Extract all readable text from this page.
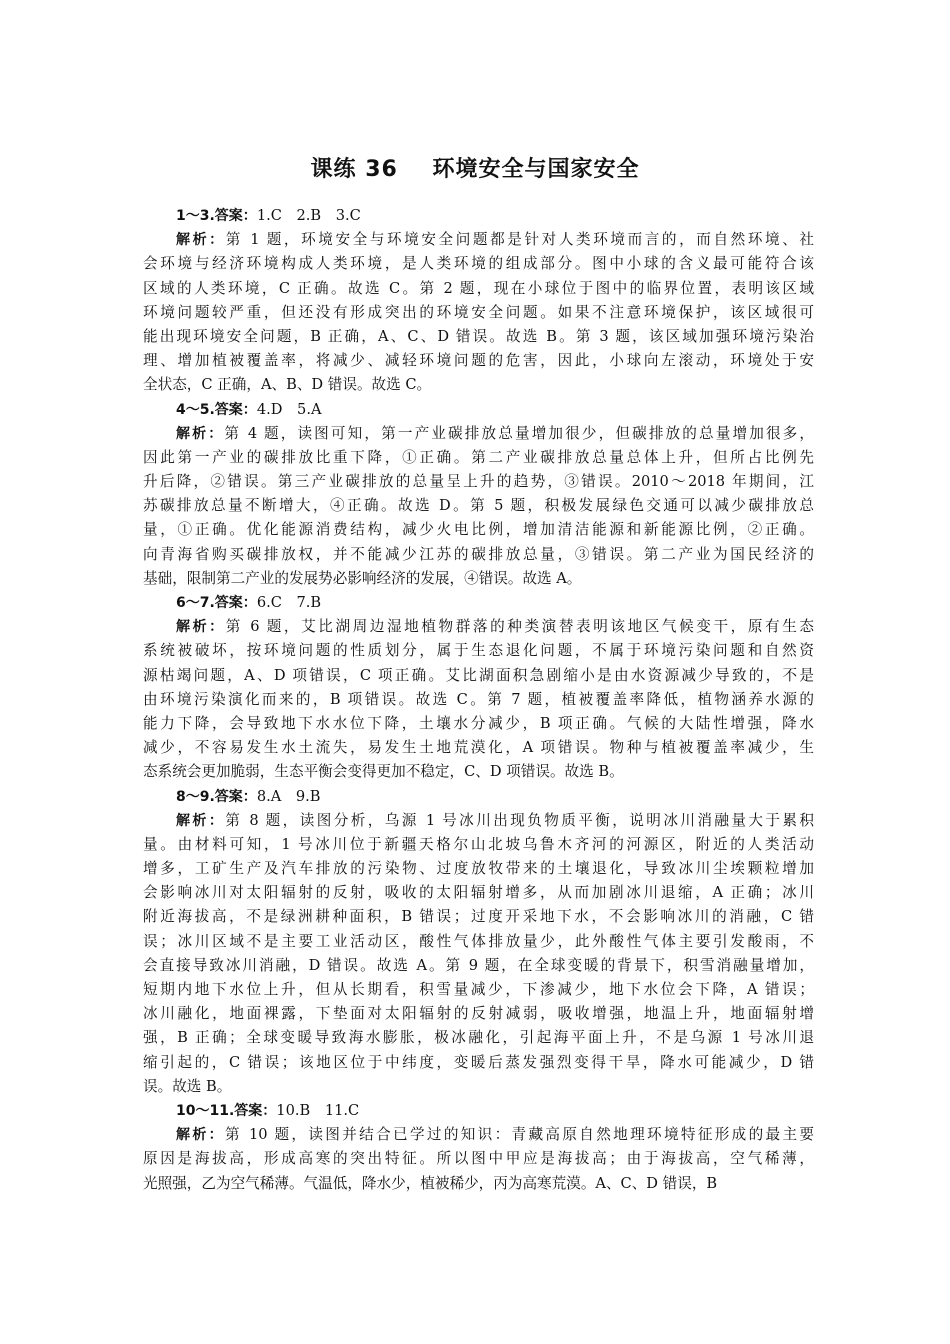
课练 36    环境安全与国家安全
1～3.答案：1.C　2.B　3.C
解析：第 1 题，环境安全与环境安全问题都是针对人类环境而言的，而自然环境、社
会环境与经济环境构成人类环境，是人类环境的组成部分。图中小球的含义最可能符合该
区域的人类环境，C 正确。故选 C。第 2 题，现在小球位于图中的临界位置，表明该区域
环境问题较严重，但还没有形成突出的环境安全问题。如果不注意环境保护，该区域很可
能出现环境安全问题，B 正确，A、C、D 错误。故选 B。第 3 题，该区域加强环境污染治
理、增加植被覆盖率，将减少、减轻环境问题的危害，因此，小球向左滚动，环境处于安
全状态，C 正确，A、B、D 错误。故选 C。
4～5.答案：4.D　5.A
解析：第 4 题，读图可知，第一产业碳排放总量增加很少，但碳排放的总量增加很多，
因此第一产业的碳排放比重下降，①正确。第二产业碳排放总量总体上升，但所占比例先
升后降，②错误。第三产业碳排放的总量呈上升的趋势，③错误。2010～2018 年期间，江
苏碳排放总量不断增大，④正确。故选 D。第 5 题，积极发展绿色交通可以减少碳排放总
量，①正确。优化能源消费结构，减少火电比例，增加清洁能源和新能源比例，②正确。
向青海省购买碳排放权，并不能减少江苏的碳排放总量，③错误。第二产业为国民经济的
基础，限制第二产业的发展势必影响经济的发展，④错误。故选 A。
6～7.答案：6.C　7.B
解析：第 6 题，艾比湖周边湿地植物群落的种类演替表明该地区气候变干，原有生态
系统被破坏，按环境问题的性质划分，属于生态退化问题，不属于环境污染问题和自然资
源枯竭问题，A、D 项错误，C 项正确。艾比湖面积急剧缩小是由水资源减少导致的，不是
由环境污染演化而来的，B 项错误。故选 C。第 7 题，植被覆盖率降低，植物涵养水源的
能力下降，会导致地下水水位下降，土壤水分减少，B 项正确。气候的大陆性增强，降水
减少，不容易发生水土流失，易发生土地荒漠化，A 项错误。物种与植被覆盖率减少，生
态系统会更加脆弱，生态平衡会变得更加不稳定，C、D 项错误。故选 B。
8～9.答案：8.A　9.B
解析：第 8 题，读图分析，乌源 1 号冰川出现负物质平衡，说明冰川消融量大于累积
量。由材料可知，1 号冰川位于新疆天格尔山北坡乌鲁木齐河的河源区，附近的人类活动
增多，工矿生产及汽车排放的污染物、过度放牧带来的土壤退化，导致冰川尘埃颗粒增加
会影响冰川对太阳辐射的反射，吸收的太阳辐射增多，从而加剧冰川退缩，A 正确；冰川
附近海拔高，不是绿洲耕种面积，B 错误；过度开采地下水，不会影响冰川的消融，C 错
误；冰川区域不是主要工业活动区，酸性气体排放量少，此外酸性气体主要引发酸雨，不
会直接导致冰川消融，D 错误。故选 A。第 9 题，在全球变暖的背景下，积雪消融量增加，
短期内地下水位上升，但从长期看，积雪量减少，下渗减少，地下水位会下降，A 错误；
冰川融化，地面裸露，下垫面对太阳辐射的反射减弱，吸收增强，地温上升，地面辐射增
强，B 正确；全球变暖导致海水膨胀，极冰融化，引起海平面上升，不是乌源 1 号冰川退
缩引起的，C 错误；该地区位于中纬度，变暖后蒸发强烈变得干旱，降水可能减少，D 错
误。故选 B。
10～11.答案：10.B　11.C
解析：第 10 题，读图并结合已学过的知识：青藏高原自然地理环境特征形成的最主要
原因是海拔高，形成高寒的突出特征。所以图中甲应是海拔高；由于海拔高，空气稀薄，
光照强，乙为空气稀薄。气温低，降水少，植被稀少，丙为高寒荒漠。A、C、D 错误，B
